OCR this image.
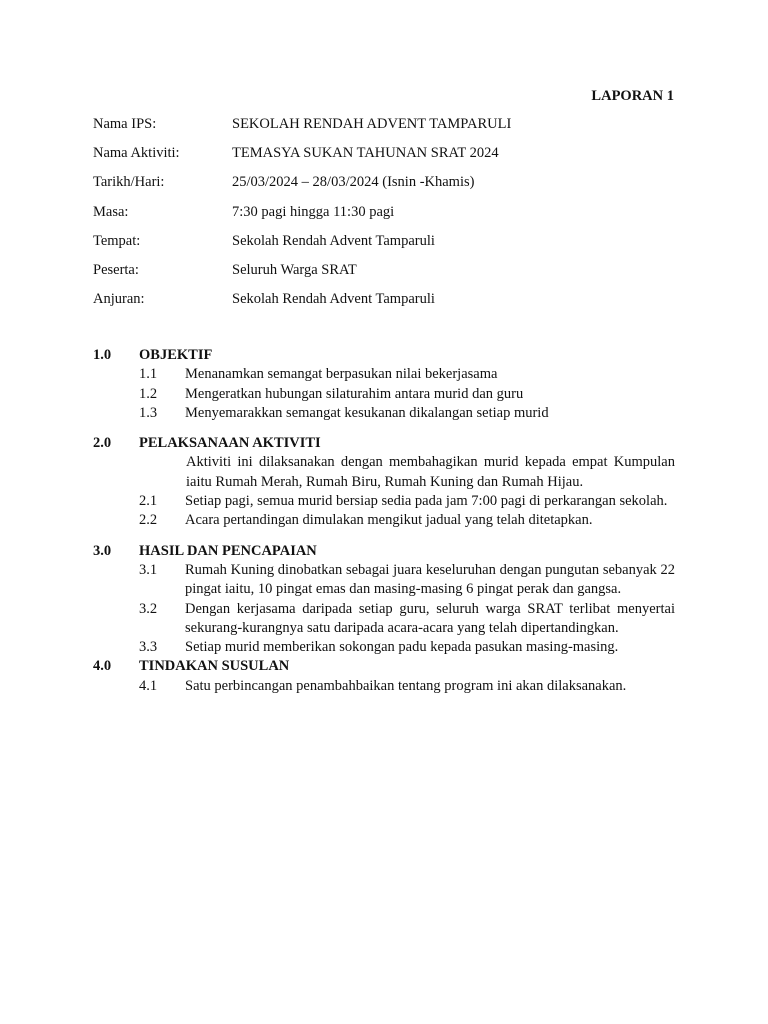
LAPORAN 1
Nama IPS:	SEKOLAH RENDAH ADVENT TAMPARULI
Nama Aktiviti:	TEMASYA SUKAN TAHUNAN SRAT 2024
Tarikh/Hari:	25/03/2024 – 28/03/2024 (Isnin -Khamis)
Masa:	7:30 pagi hingga 11:30 pagi
Tempat:	Sekolah Rendah Advent Tamparuli
Peserta:	Seluruh Warga SRAT
Anjuran:	Sekolah Rendah Advent Tamparuli
1.0	OBJEKTIF
1.1	Menanamkan semangat berpasukan nilai bekerjasama
1.2	Mengeratkan hubungan silaturahim antara murid dan guru
1.3	Menyemarakkan semangat kesukanan dikalangan setiap murid
2.0	PELAKSANAAN AKTIVITI
Aktiviti ini dilaksanakan dengan membahagikan murid kepada empat Kumpulan iaitu Rumah Merah, Rumah Biru, Rumah Kuning dan Rumah Hijau.
2.1	Setiap pagi, semua murid bersiap sedia pada jam 7:00 pagi di perkarangan sekolah.
2.2	Acara pertandingan dimulakan mengikut jadual yang telah ditetapkan.
3.0	HASIL DAN PENCAPAIAN
3.1	Rumah Kuning dinobatkan sebagai juara keseluruhan dengan pungutan sebanyak 22 pingat iaitu, 10 pingat emas dan masing-masing 6 pingat perak dan gangsa.
3.2	Dengan kerjasama daripada setiap guru, seluruh warga SRAT terlibat menyertai sekurang-kurangnya satu daripada acara-acara yang telah dipertandingkan.
3.3	Setiap murid memberikan sokongan padu kepada pasukan masing-masing.
4.0	TINDAKAN SUSULAN
4.1	Satu perbincangan penambahbaikan tentang program ini akan dilaksanakan.
